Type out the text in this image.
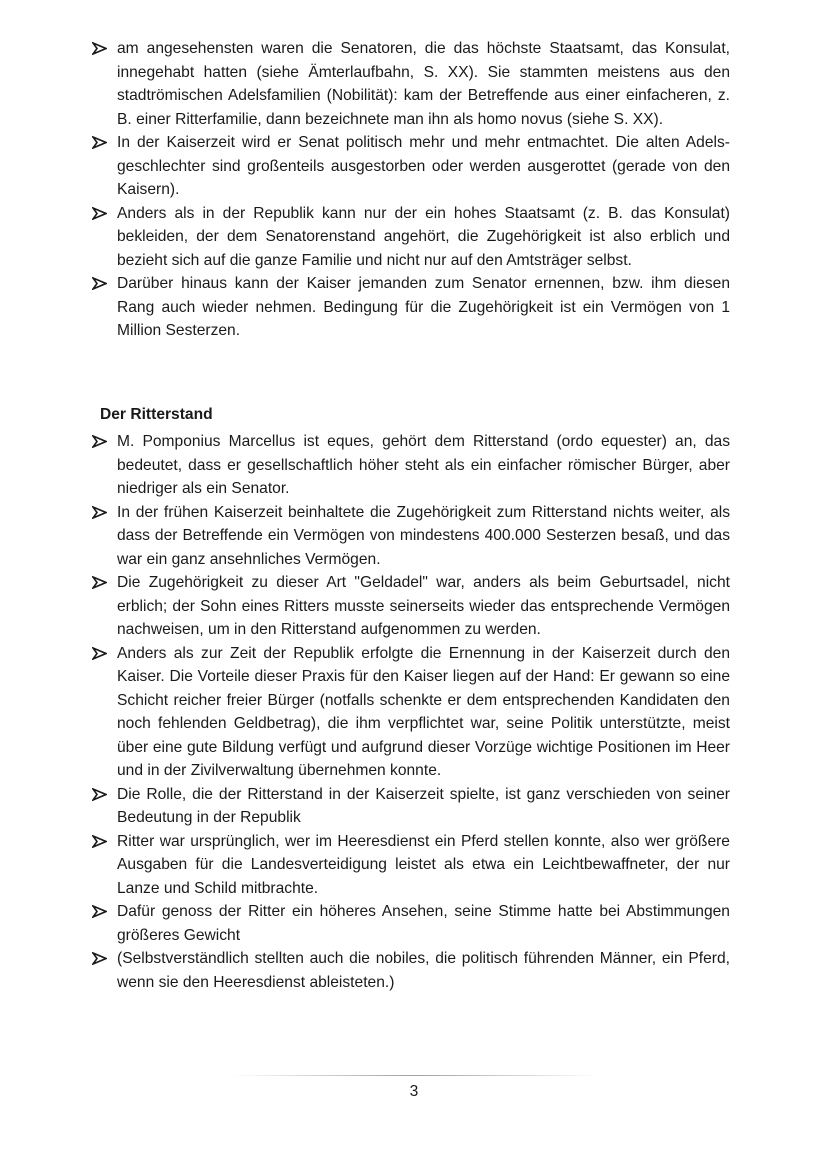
am angesehensten waren die Senatoren, die das höchste Staatsamt, das Konsulat, innegehabt hatten (siehe Ämterlaufbahn, S. XX). Sie stammten meistens aus den stadtrömischen Adelsfamilien (Nobilität): kam der Betreffende aus einer einfacheren, z. B. einer Ritterfamilie, dann bezeichnete man ihn als homo novus (siehe S. XX).
In der Kaiserzeit wird er Senat politisch mehr und mehr entmachtet. Die alten Adelsgeschlechter sind großenteils ausgestorben oder werden ausgerottet (gerade von den Kaisern).
Anders als in der Republik kann nur der ein hohes Staatsamt (z. B. das Konsulat) bekleiden, der dem Senatorenstand angehört, die Zugehörigkeit ist also erblich und bezieht sich auf die ganze Familie und nicht nur auf den Amtsträger selbst.
Darüber hinaus kann der Kaiser jemanden zum Senator ernennen, bzw. ihm diesen Rang auch wieder nehmen. Bedingung für die Zugehörigkeit ist ein Vermögen von 1 Million Sesterzen.
Der Ritterstand
M. Pomponius Marcellus ist eques, gehört dem Ritterstand (ordo equester) an, das bedeutet, dass er gesellschaftlich höher steht als ein einfacher römischer Bürger, aber niedriger als ein Senator.
In der frühen Kaiserzeit beinhaltete die Zugehörigkeit zum Ritterstand nichts weiter, als dass der Betreffende ein Vermögen von mindestens 400.000 Sesterzen besaß, und das war ein ganz ansehnliches Vermögen.
Die Zugehörigkeit zu dieser Art "Geldadel" war, anders als beim Geburtsadel, nicht erblich; der Sohn eines Ritters musste seinerseits wieder das entsprechende Vermögen nachweisen, um in den Ritterstand aufgenommen zu werden.
Anders als zur Zeit der Republik erfolgte die Ernennung in der Kaiserzeit durch den Kaiser. Die Vorteile dieser Praxis für den Kaiser liegen auf der Hand: Er gewann so eine Schicht reicher freier Bürger (notfalls schenkte er dem entsprechenden Kandidaten den noch fehlenden Geldbetrag), die ihm verpflichtet war, seine Politik unterstützte, meist über eine gute Bildung verfügt und aufgrund dieser Vorzüge wichtige Positionen im Heer und in der Zivilverwaltung übernehmen konnte.
Die Rolle, die der Ritterstand in der Kaiserzeit spielte, ist ganz verschieden von seiner Bedeutung in der Republik
Ritter war ursprünglich, wer im Heeresdienst ein Pferd stellen konnte, also wer größere Ausgaben für die Landesverteidigung leistet als etwa ein Leichtbewaffneter, der nur Lanze und Schild mitbrachte.
Dafür genoss der Ritter ein höheres Ansehen, seine Stimme hatte bei Abstimmungen größeres Gewicht
(Selbstverständlich stellten auch die nobiles, die politisch führenden Männer, ein Pferd, wenn sie den Heeresdienst ableisteten.)
3
